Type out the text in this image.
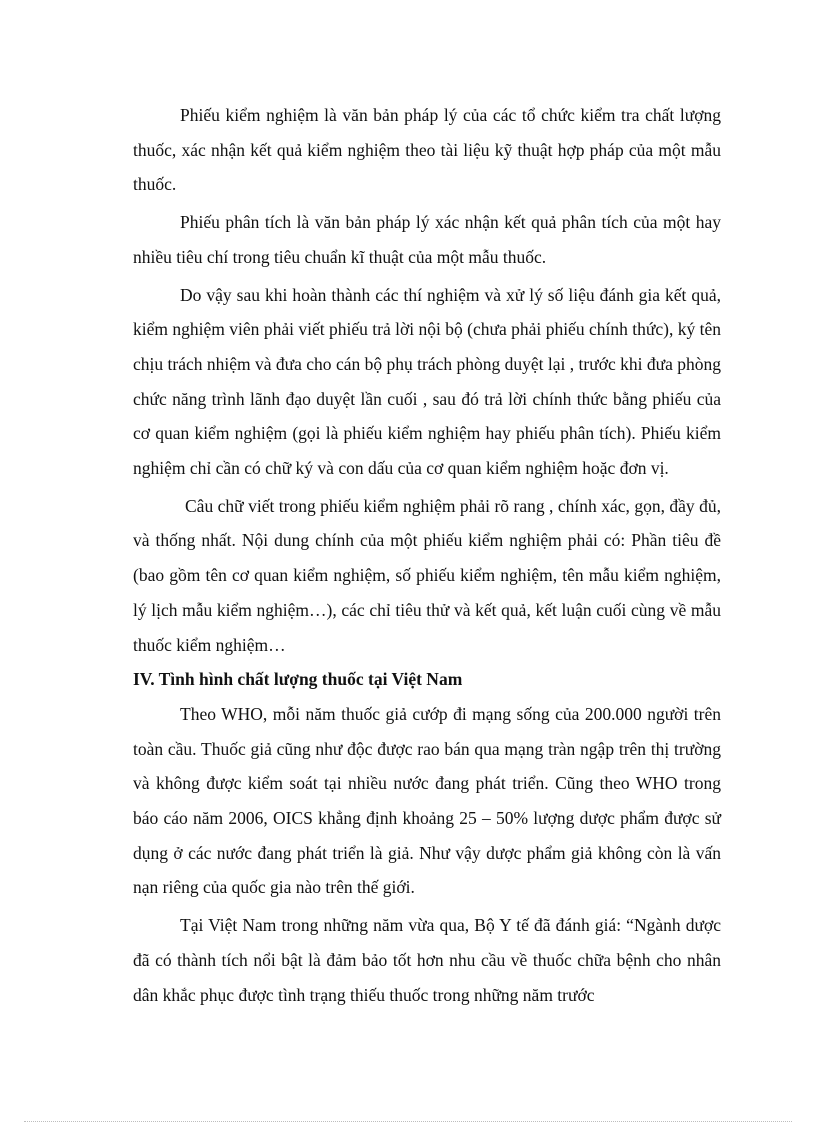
Phiếu kiểm nghiệm là văn bản pháp lý của các tổ chức kiểm tra chất lượng thuốc, xác nhận kết quả kiểm nghiệm theo tài liệu kỹ thuật hợp pháp của một mẫu thuốc.

Phiếu phân tích là văn bản pháp lý xác nhận kết quả phân tích của một hay nhiều tiêu chí trong tiêu chuẩn kĩ thuật của một mẫu thuốc.

Do vậy sau khi hoàn thành các thí nghiệm và xử lý số liệu đánh gia kết quả, kiểm nghiệm viên phải viết phiếu trả lời nội bộ (chưa phải phiếu chính thức), ký tên chịu trách nhiệm và đưa cho cán bộ phụ trách phòng duyệt lại , trước khi đưa phòng chức năng trình lãnh đạo duyệt lần cuối , sau đó trả lời chính thức bằng phiếu của cơ quan kiểm nghiệm (gọi là phiếu kiểm nghiệm hay phiếu phân tích). Phiếu kiểm nghiệm chỉ cần có chữ ký và con dấu của cơ quan kiểm nghiệm hoặc đơn vị.

Câu chữ viết trong phiếu kiểm nghiệm phải rõ rang , chính xác, gọn, đầy đủ, và thống nhất. Nội dung chính của một phiếu kiểm nghiệm phải có: Phần tiêu đề (bao gồm tên cơ quan kiểm nghiệm, số phiếu kiểm nghiệm, tên mẫu kiểm nghiệm, lý lịch mẫu kiểm nghiệm…), các chỉ tiêu thử và kết quả, kết luận cuối cùng về mẫu thuốc kiểm nghiệm…

IV. Tình hình chất lượng thuốc tại Việt Nam

Theo WHO, mỗi năm thuốc giả cướp đi mạng sống của 200.000 người trên toàn cầu. Thuốc giả cũng như độc được rao bán qua mạng tràn ngập trên thị trường và không được kiểm soát tại nhiều nước đang phát triển. Cũng theo WHO trong báo cáo năm 2006, OICS khẳng định khoảng 25 – 50% lượng dược phẩm được sử dụng ở các nước đang phát triển là giả. Như vậy dược phẩm giả không còn là vấn nạn riêng của quốc gia nào trên thế giới.

Tại Việt Nam trong những năm vừa qua, Bộ Y tế đã đánh giá: “Ngành dược đã có thành tích nổi bật là đảm bảo tốt hơn nhu cầu về thuốc chữa bệnh cho nhân dân khắc phục được tình trạng thiếu thuốc trong những năm trước
